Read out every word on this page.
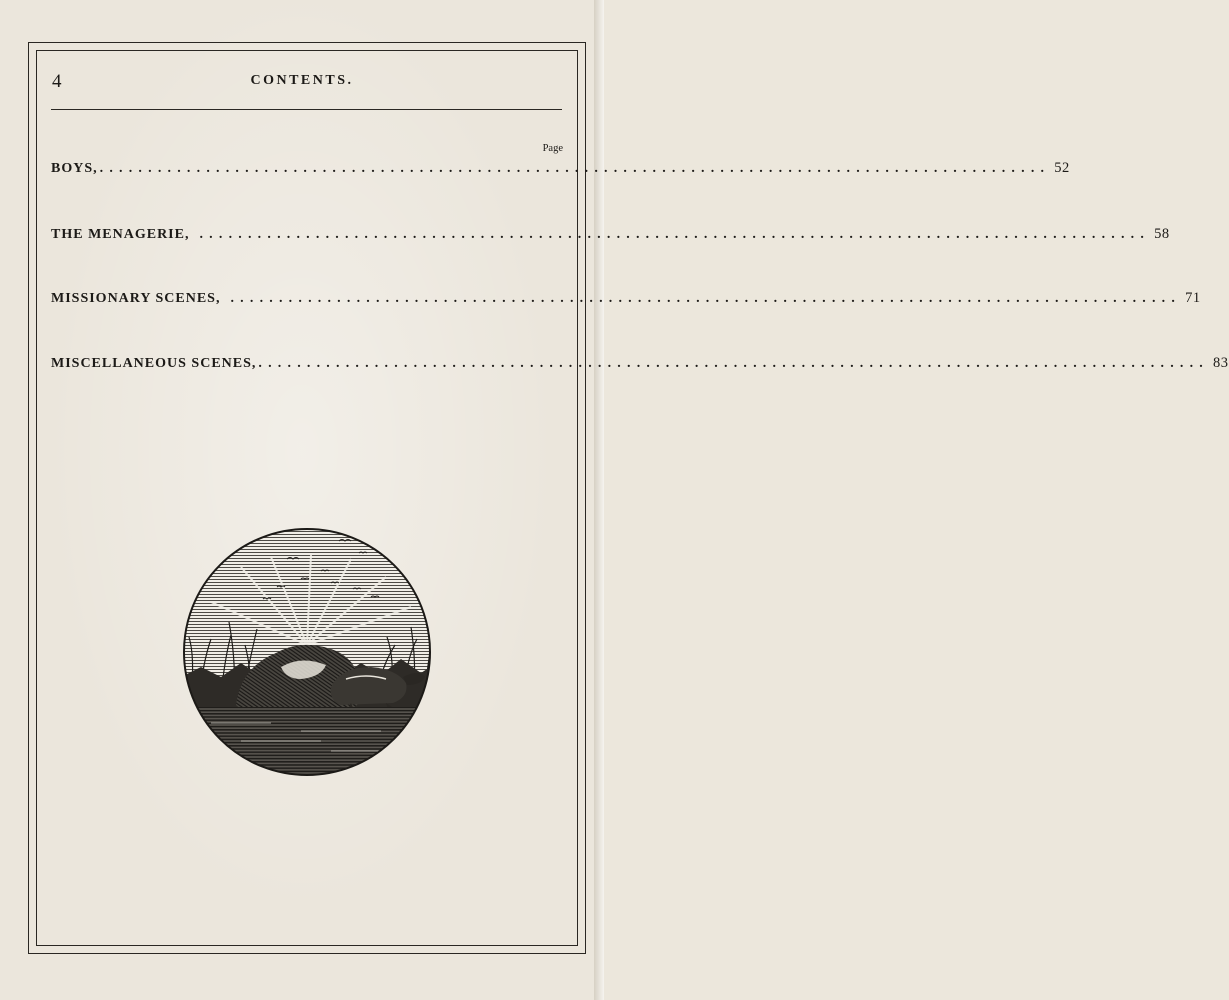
4	CONTENTS.
Page
BOYS, .................................................................................................. 52
THE MENAGERIE, .................................................................................................. 58
MISSIONARY SCENES, .................................................................................................. 71
MISCELLANEOUS SCENES, .................................................................................................. 83
